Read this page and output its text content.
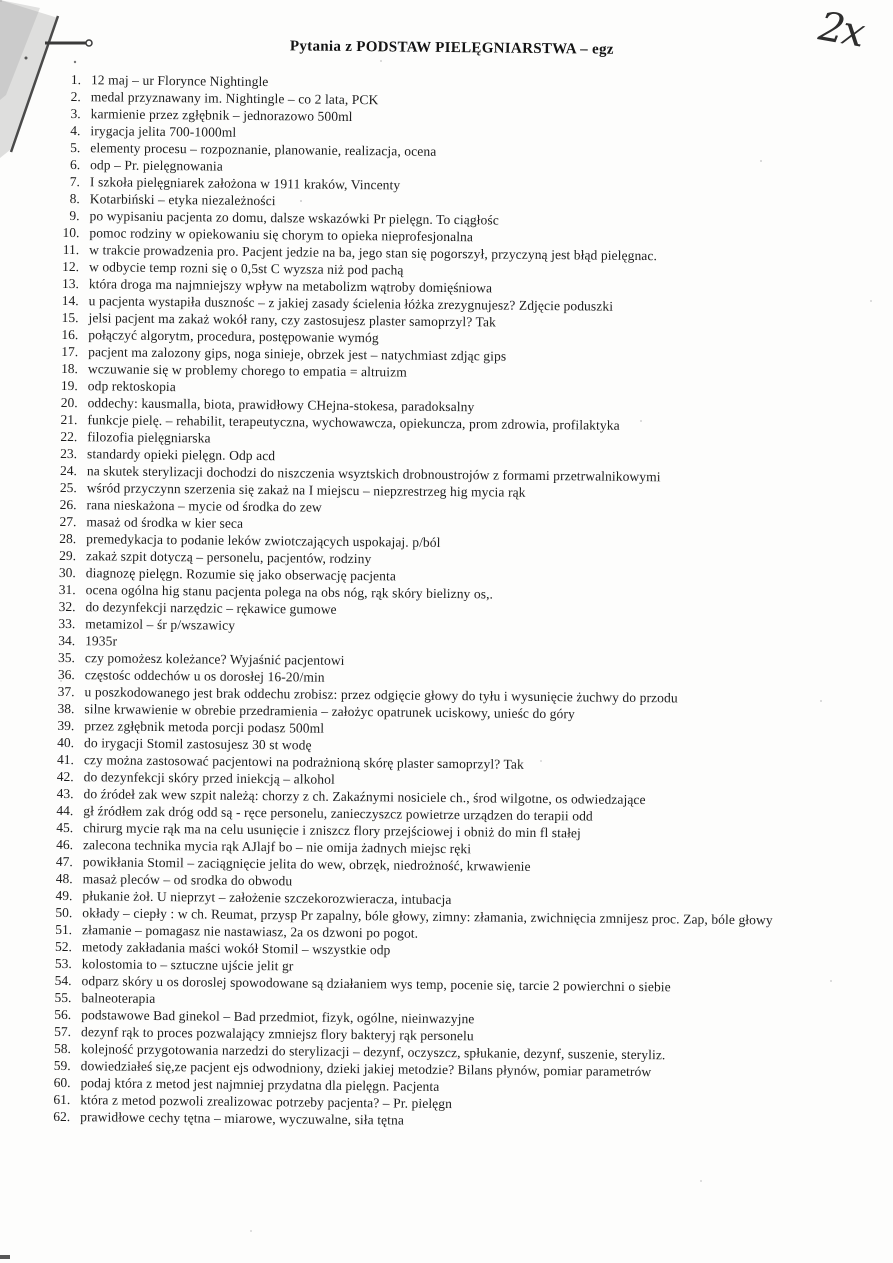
2x
Pytania z PODSTAW PIELĘGNIARSTWA – egz
1. 12 maj – ur Florynce Nightingle
2. medal przyznawany im. Nightingle – co 2 lata, PCK
3. karmienie przez zgłębnik – jednorazowo 500ml
4. irygacja jelita 700-1000ml
5. elementy procesu – rozpoznanie, planowanie, realizacja, ocena
6. odp – Pr. pielęgnowania
7. I szkoła pielęgniarek założona w 1911 kraków, Vincenty
8. Kotarbiński – etyka niezależności
9. po wypisaniu pacjenta zo domu, dalsze wskazówki Pr pielęgn. To ciągłośc
10. pomoc rodziny w opiekowaniu się chorym to opieka nieprofesjonalna
11. w trakcie prowadzenia pro. Pacjent jedzie na ba, jego stan się pogorszył, przyczyną jest błąd pielęgnac.
12. w odbycie temp rozni się o 0,5st C wyzsza niż pod pachą
13. która droga ma najmniejszy wpływ na metabolizm wątroby domięśniowa
14. u pacjenta wystapiła dusznośc – z jakiej zasady ścielenia łóżka zrezygnujesz? Zdjęcie poduszki
15. jelsi pacjent ma zakaż wokół rany, czy zastosujesz plaster samoprzyl? Tak
16. połączyć algorytm, procedura, postępowanie wymóg
17. pacjent ma zalozony gips, noga sinieje, obrzek jest – natychmiast zdjąc gips
18. wczuwanie się w problemy chorego to empatia = altruizm
19. odp rektoskopia
20. oddechy: kausmalla, biota, prawidłowy CHejna-stokesa, paradoksalny
21. funkcje pielę. – rehabilit, terapeutyczna, wychowawcza, opiekuncza, prom zdrowia, profilaktyka
22. filozofia pielęgniarska
23. standardy opieki pielęgn. Odp acd
24. na skutek sterylizacji dochodzi do niszczenia wsyztskich drobnoustrojów z formami przetrwalnikowymi
25. wśród przyczynn szerzenia się zakaż na I miejscu – niepzrestrzeg hig mycia rąk
26. rana nieskażona – mycie od środka do zew
27. masaż od środka w kier seca
28. premedykacja to podanie leków zwiotczających uspokajaj. p/ból
29. zakaż szpit dotyczą – personelu, pacjentów, rodziny
30. diagnozę pielęgn. Rozumie się jako obserwację pacjenta
31. ocena ogólna hig stanu pacjenta polega na obs nóg, rąk skóry bielizny os,.
32. do dezynfekcji narzędzic – rękawice gumowe
33. metamizol – śr p/wszawicy
34. 1935r
35. czy pomożesz koleżance? Wyjaśnić pacjentowi
36. częstośc oddechów u os dorosłej 16-20/min
37. u poszkodowanego jest brak oddechu zrobisz: przez odgięcie głowy do tyłu i wysunięcie żuchwy do przodu
38. silne krwawienie w obrebie przedramienia – założyc opatrunek uciskowy, unieśc do góry
39. przez zgłębnik metoda porcji podasz 500ml
40. do irygacji Stomil zastosujesz 30 st wodę
41. czy można zastosować pacjentowi na podrażnioną skórę plaster samoprzyl? Tak
42. do dezynfekcji skóry przed iniekcją – alkohol
43. do źródeł zak wew szpit należą: chorzy z ch. Zakaźnymi nosiciele ch., środ wilgotne, os odwiedzające
44. gł źródłem zak dróg odd są - ręce personelu, zanieczyszcz powietrze urządzen do terapii odd
45. chirurg mycie rąk ma na celu usunięcie i zniszcz flory przejściowej i obniż do min fl stałej
46. zalecona technika mycia rąk AJlajf bo – nie omija żadnych miejsc ręki
47. powikłania Stomil – zaciągnięcie jelita do wew, obrzęk, niedrożność, krwawienie
48. masaż pleców – od srodka do obwodu
49. płukanie żoł. U nieprzyt – założenie szczekorozwieracza, intubacja
50. okłady – ciepły : w ch. Reumat, przysp Pr zapalny, bóle głowy, zimny: złamania, zwichnięcia zmnijesz proc. Zap, bóle głowy
51. złamanie – pomagasz nie nastawiasz, 2a os dzwoni po pogot.
52. metody zakładania maści wokół Stomil – wszystkie odp
53. kolostomia to – sztuczne ujście jelit gr
54. odparz skóry u os doroslej spowodowane są działaniem wys temp, pocenie się, tarcie 2 powierchni o siebie
55. balneoterapia
56. podstawowe Bad ginekol – Bad przedmiot, fizyk, ogólne, nieinwazyjne
57. dezynf rąk to proces pozwalający zmniejsz flory bakteryj rąk personelu
58. kolejność przygotowania narzedzi do sterylizacji – dezynf, oczyszcz, spłukanie, dezynf, suszenie, steryliz.
59. dowiedziałeś się,ze pacjent ejs odwodniony, dzieki jakiej metodzie? Bilans płynów, pomiar parametrów
60. podaj która z metod jest najmniej przydatna dla pielęgn. Pacjenta
61. która z metod pozwoli zrealizowac potrzeby pacjenta? – Pr. pielęgn
62. prawidłowe cechy tętna – miarowe, wyczuwalne, siła tętna
